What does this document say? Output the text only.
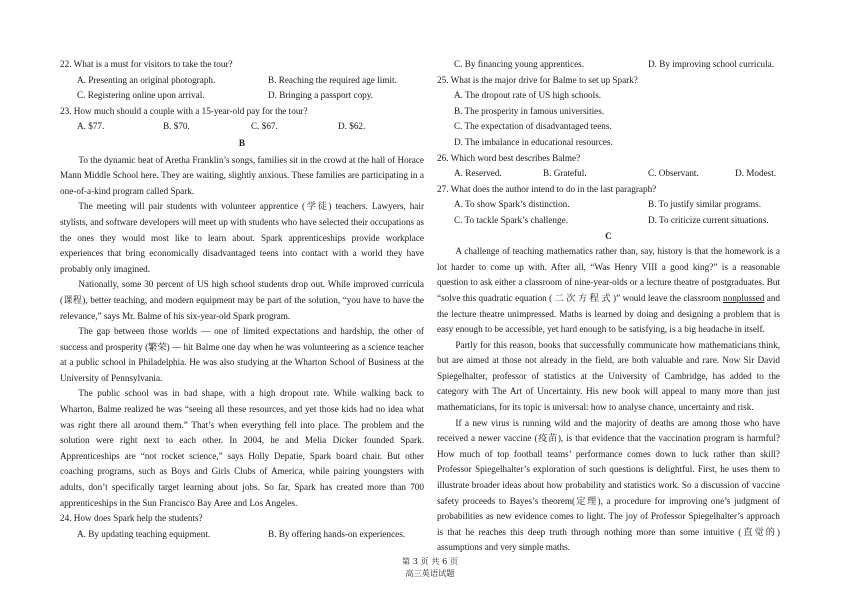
22. What is a must for visitors to take the tour?
A. Presenting an original photograph.	B. Reaching the required age limit.
C. Registering online upon arrival.	D. Bringing a passport copy.
23. How much should a couple with a 15-year-old pay for the tour?
A. $77.	B. $70.	C. $67.	D. $62.
B
To the dynamic beat of Aretha Franklin’s songs, families sit in the crowd at the hall of Horace Mann Middle School here. They are waiting, slightly anxious. These families are participating in a one-of-a-kind program called Spark.
The meeting will pair students with volunteer apprentice (学徒) teachers. Lawyers, hair stylists, and software developers will meet up with students who have selected their occupations as the ones they would most like to learn about. Spark apprenticeships provide workplace experiences that bring economically disadvantaged teens into contact with a world they have probably only imagined.
Nationally, some 30 percent of US high school students drop out. While improved curricula (课程), better teaching, and modern equipment may be part of the solution, “you have to have the relevance,” says Mr. Balme of his six-year-old Spark program.
The gap between those worlds — one of limited expectations and hardship, the other of success and prosperity (繁荣) — hit Balme one day when he was volunteering as a science teacher at a public school in Philadelphia. He was also studying at the Wharton School of Business at the University of Pennsylvania.
The public school was in bad shape, with a high dropout rate. While walking back to Wharton, Balme realized he was “seeing all these resources, and yet those kids had no idea what was right there all around them.” That’s when everything fell into place. The problem and the solution were right next to each other. In 2004, he and Melia Dicker founded Spark. Apprenticeships are “not rocket science,” says Holly Depatie, Spark board chair. But other coaching programs, such as Boys and Girls Clubs of America, while pairing youngsters with adults, don’t specifically target learning about jobs. So far, Spark has created more than 700 apprenticeships in the Sun Francisco Bay Aree and Los Angeles.
24. How does Spark help the students?
A. By updating teaching equipment.	B. By offering hands-on experiences.
C. By financing young apprentices.	D. By improving school curricula.
25. What is the major drive for Balme to set up Spark?
A. The dropout rate of US high schools.
B. The prosperity in famous universities.
C. The expectation of disadvantaged teens.
D. The imbalance in educational resources.
26. Which word best describes Balme?
A. Reserved.	B. Grateful.	C. Observant.	D. Modest.
27. What does the author intend to do in the last paragraph?
A. To show Spark’s distinction.	B. To justify similar programs.
C. To tackle Spark’s challenge.	D. To criticize current situations.
C
A challenge of teaching mathematics rather than, say, history is that the homework is a lot harder to come up with. After all, “Was Henry VIII a good king?” is a reasonable question to ask either a classroom of nine-year-olds or a lecture theatre of postgraduates. But “solve this quadratic equation ( 二 次 方 程 式 )” would leave the classroom nonplussed and the lecture theatre unimpressed. Maths is learned by doing and designing a problem that is easy enough to be accessible, yet hard enough to be satisfying, is a big headache in itself.
Partly for this reason, books that successfully communicate how mathematicians think, but are aimed at those not already in the field, are both valuable and rare. Now Sir David Spiegelhalter, professor of statistics at the University of Cambridge, has added to the category with The Art of Uncertainty. His new book will appeal to many more than just mathematicians, for its topic is universal: how to analyse chance, uncertainty and risk.
If a new virus is running wild and the majority of deaths are among those who have received a newer vaccine (疫苗), is that evidence that the vaccination program is harmful? How much of top football teams’ performance comes down to luck rather than skill? Professor Spiegelhalter’s exploration of such questions is delightful. First, he uses them to illustrate broader ideas about how probability and statistics work. So a discussion of vaccine safety proceeds to Bayes’s theorem(定理), a procedure for improving one’s judgment of probabilities as new evidence comes to light. The joy of Professor Spiegelhalter’s approach is that he reaches this deep truth through nothing more than some intuitive (直觉的) assumptions and very simple maths.
第 3 页 共 6 页
高三英语试题
